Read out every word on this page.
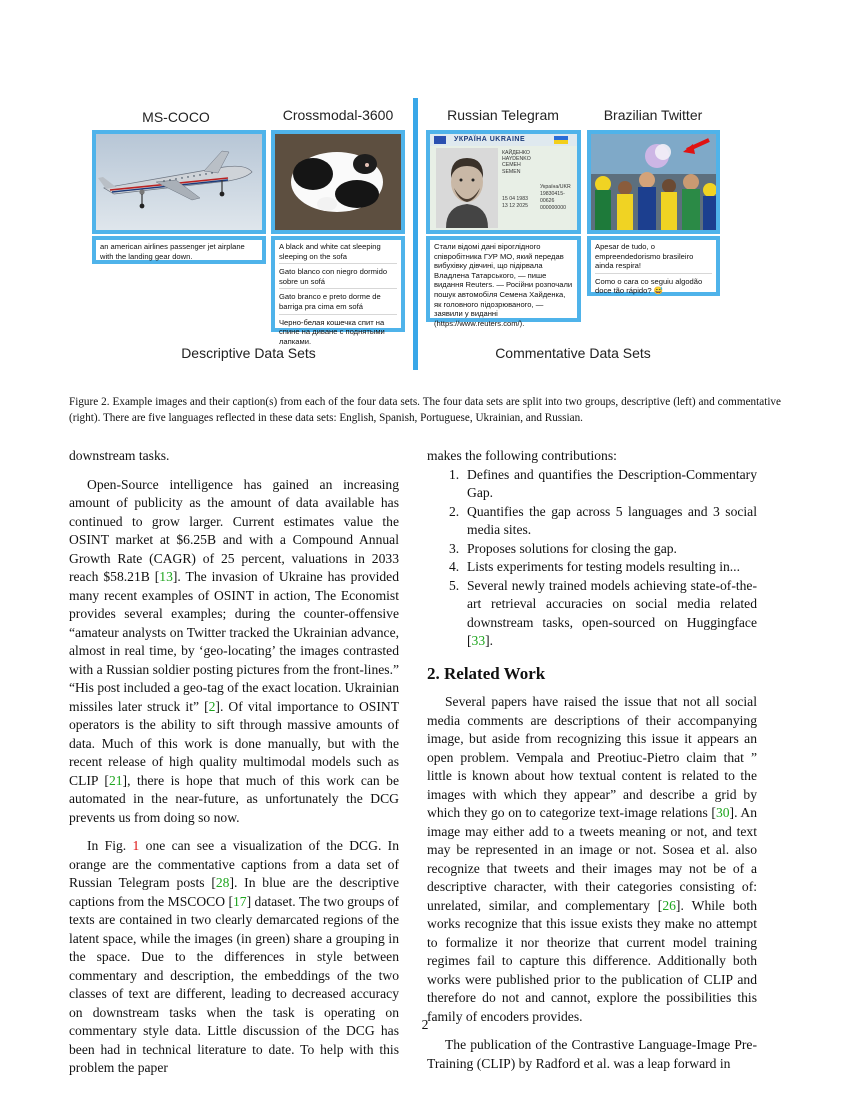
MS-COCO	Crossmodal-3600	Russian Telegram	Brazilian Twitter
УКРАЇНА UKRAINE
КАЙДЕНКО
HAYDENKO
СЕМЕН
SEMEN
15 04 1983
13 12 2025
Україна/UKR
19830415-00626
000000000
an american airlines passenger jet airplane with the landing gear down.
A black and white cat sleeping sleeping on the sofa
Gato blanco con niegro dormido sobre un sofá
Gato branco e preto dorme de barriga pra cima em sofá
Черно-белая кошечка спит на спине на диване с поднятыми лапками.
Стали відомі дані віроглідного співробітника ГУР МО, який передав вибухівку дівчині, що підірвала Владлена Татарського, — пише видання Reuters. — Російни розпочали пошук автомобіля Семена Хайденка, як головного підозрюваного, — заявили у виданні (https://www.reuters.com/).
Apesar de tudo, o empreendedorismo brasileiro ainda respira!
Como o cara co seguiu algodão doce tão rápido? 😅
Descriptive Data Sets	Commentative Data Sets
Figure 2. Example images and their caption(s) from each of the four data sets. The four data sets are split into two groups, descriptive (left) and commentative (right). There are five languages reflected in these data sets: English, Spanish, Portuguese, Ukrainian, and Russian.

downstream tasks.

Open-Source intelligence has gained an increasing amount of publicity as the amount of data available has continued to grow larger. Current estimates value the OSINT market at $6.25B and with a Compound Annual Growth Rate (CAGR) of 25 percent, valuations in 2033 reach $58.21B [13]. The invasion of Ukraine has provided many recent examples of OSINT in action, The Economist provides several examples; during the counter-offensive “amateur analysts on Twitter tracked the Ukrainian advance, almost in real time, by ‘geo-locating’ the images contrasted with a Russian soldier posting pictures from the front-lines.” “His post included a geo-tag of the exact location. Ukrainian missiles later struck it” [2]. Of vital importance to OSINT operators is the ability to sift through massive amounts of data. Much of this work is done manually, but with the recent release of high quality multimodal models such as CLIP [21], there is hope that much of this work can be automated in the near-future, as unfortunately the DCG prevents us from doing so now.

In Fig. 1 one can see a visualization of the DCG. In orange are the commentative captions from a data set of Russian Telegram posts [28]. In blue are the descriptive captions from the MSCOCO [17] dataset. The two groups of texts are contained in two clearly demarcated regions of the latent space, while the images (in green) share a grouping in the space. Due to the differences in style between commentary and description, the embeddings of the two classes of text are different, leading to decreased accuracy on downstream tasks when the task is operating on commentary style data. Little discussion of the DCG has been had in technical literature to date. To help with this problem the paper

makes the following contributions:

1. Defines and quantifies the Description-Commentary Gap.
2. Quantifies the gap across 5 languages and 3 social media sites.
3. Proposes solutions for closing the gap.
4. Lists experiments for testing models resulting in...
5. Several newly trained models achieving state-of-the-art retrieval accuracies on social media related downstream tasks, open-sourced on Huggingface [33].
2. Related Work

Several papers have raised the issue that not all social media comments are descriptions of their accompanying image, but aside from recognizing this issue it appears an open problem. Vempala and Preotiuc-Pietro claim that ” little is known about how textual content is related to the images with which they appear” and describe a grid by which they go on to categorize text-image relations [30]. An image may either add to a tweets meaning or not, and text may be represented in an image or not. Sosea et al. also recognize that tweets and their images may not be of a descriptive character, with their categories consisting of: unrelated, similar, and complementary [26]. While both works recognize that this issue exists they make no attempt to formalize it nor theorize that current model training regimes fail to capture this difference. Additionally both works were published prior to the publication of CLIP and therefore do not and cannot, explore the possibilities this family of encoders provides.

The publication of the Contrastive Language-Image Pre-Training (CLIP) by Radford et al. was a leap forward in

2
